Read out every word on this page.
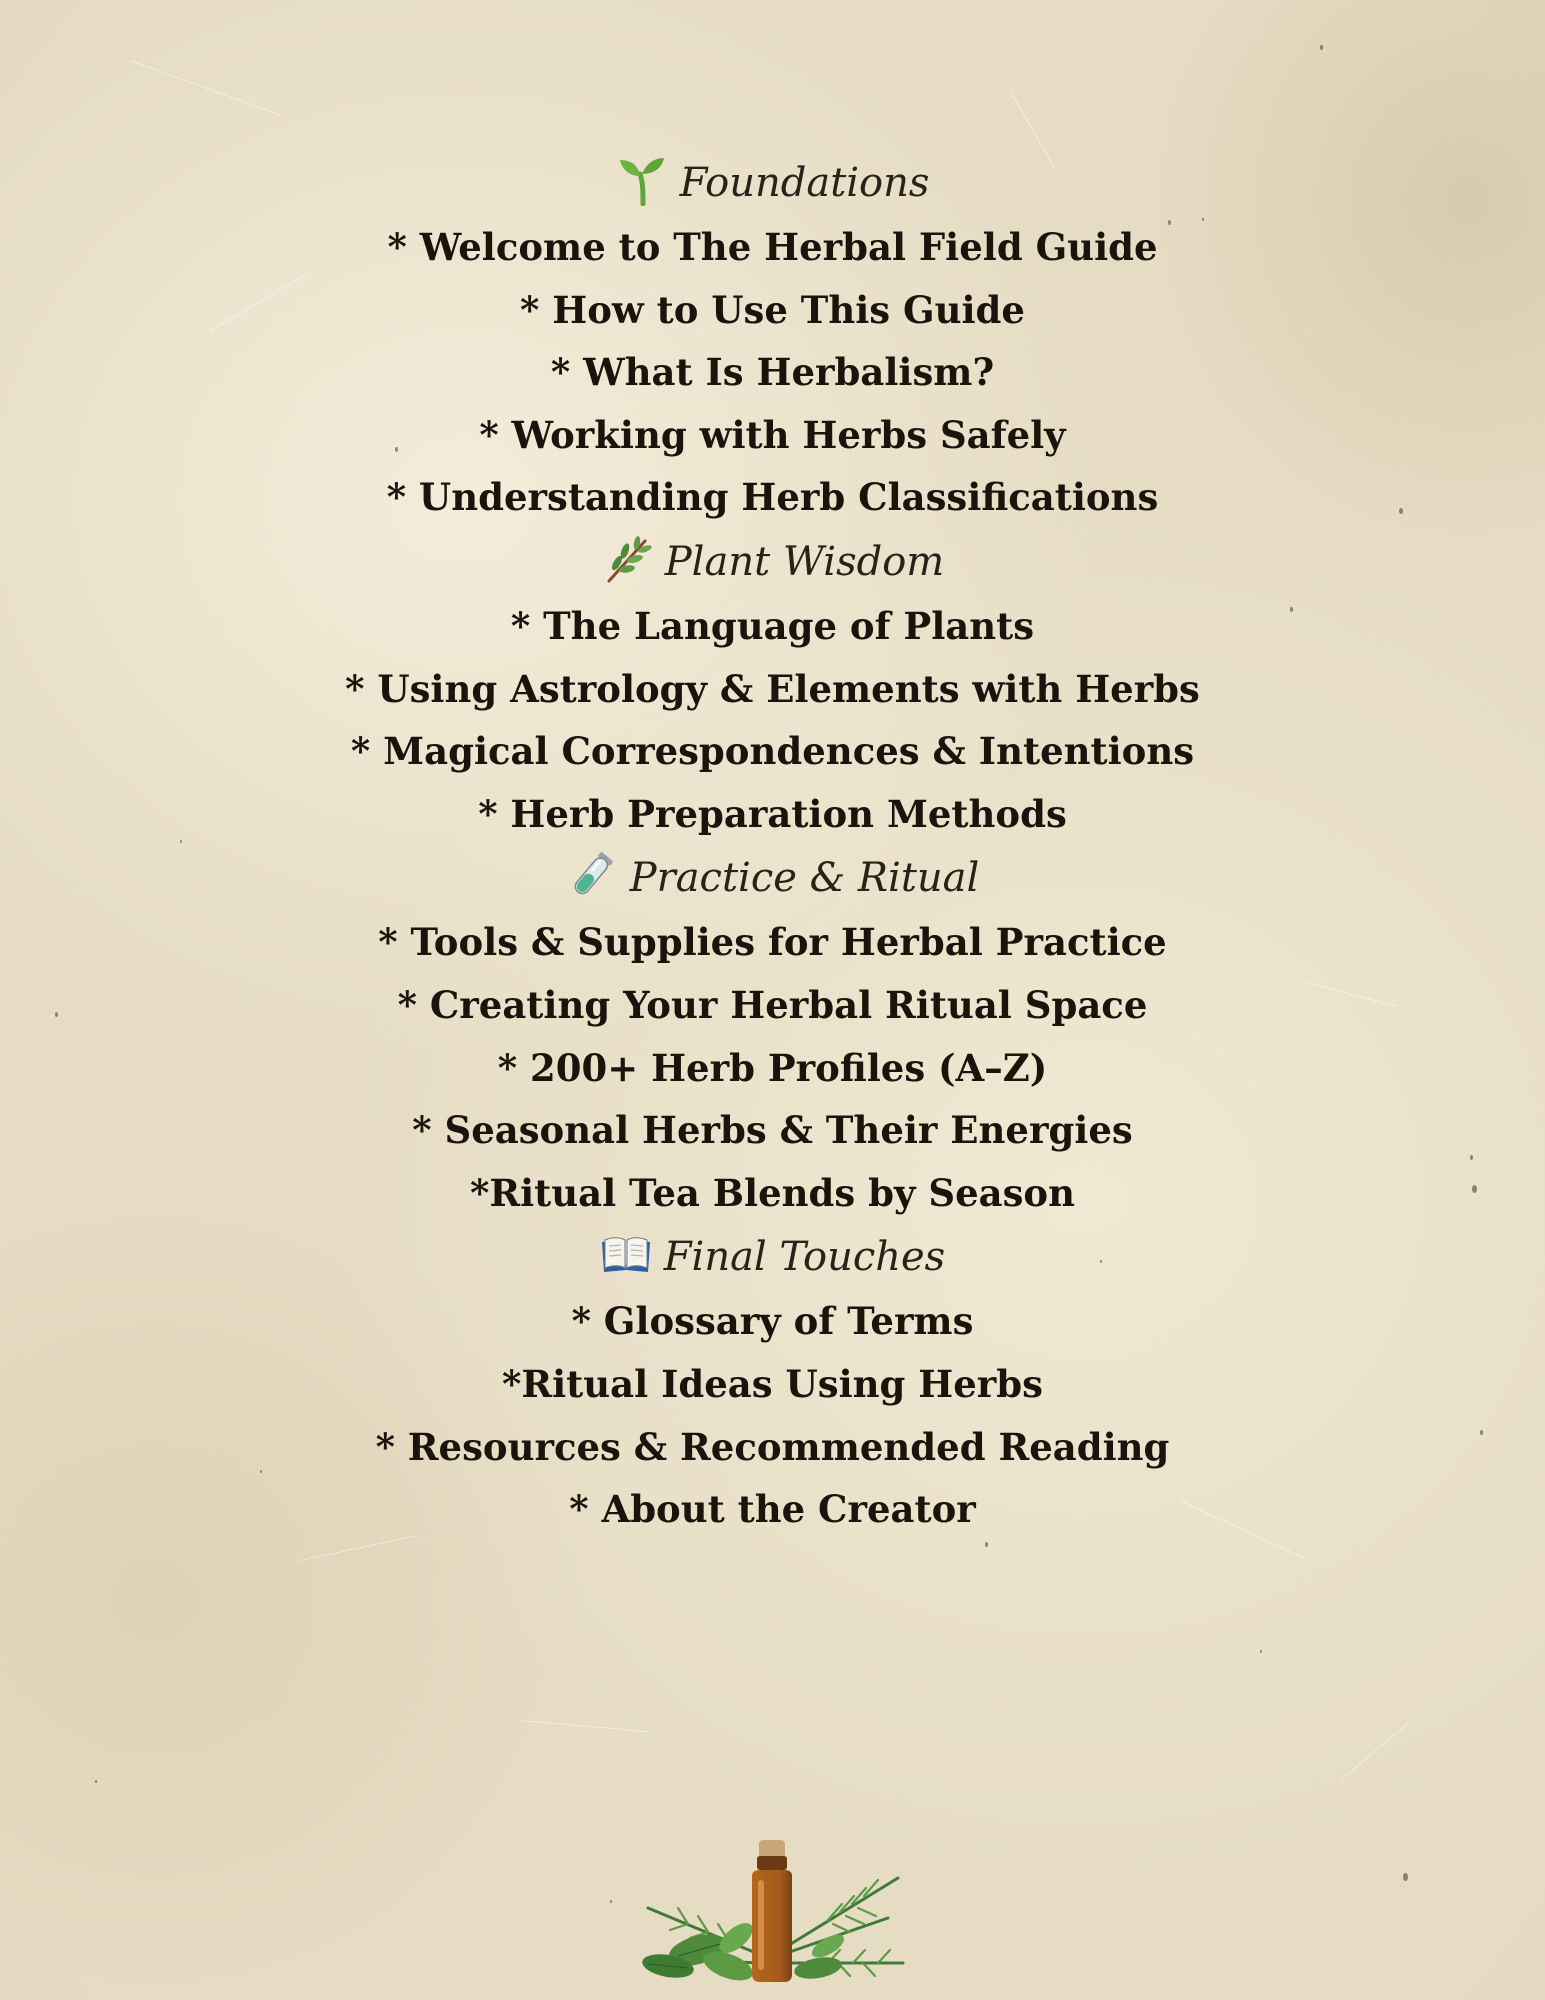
Foundations
* Welcome to The Herbal Field Guide
* How to Use This Guide
* What Is Herbalism?
* Working with Herbs Safely
* Understanding Herb Classifications
Plant Wisdom
* The Language of Plants
* Using Astrology & Elements with Herbs
* Magical Correspondences & Intentions
* Herb Preparation Methods
Practice & Ritual
* Tools & Supplies for Herbal Practice
* Creating Your Herbal Ritual Space
* 200+ Herb Profiles (A–Z)
* Seasonal Herbs & Their Energies
*Ritual Tea Blends by Season
Final Touches
* Glossary of Terms
*Ritual Ideas Using Herbs
* Resources & Recommended Reading
* About the Creator
